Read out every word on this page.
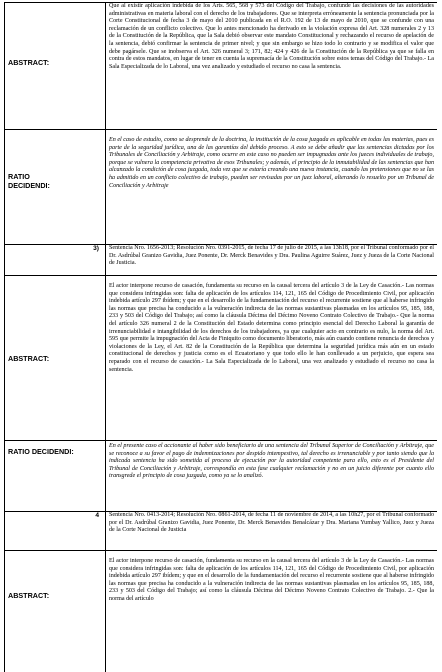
ABSTRACT:	Que al existir aplicación indebida de los Arts. 565, 568 y 573 del Código del Trabajo, confunde las decisiones de las autoridades administrativas en materia laboral con el derecho de los trabajadores. Que se interpreta erróneamente la sentencia pronunciada por la Corte Constitucional de fecha 3 de mayo del 2010 publicada en el R.O. 192 de 13 de mayo de 2010, que se confunde con una reclamación de un conflicto colectivo. Que lo antes mencionado ha derivado en la violación expresa del Art. 328 numerales 2 y 13 de la Constitución de la República, que la Sala debió observar este mandato Constitucional y rechazando el recurso de apelación de la sentencia, debió confirmar la sentencia de primer nivel; y que sin embargo se hizo todo lo contrario y se modifica el valor que debe pagársele. Que se inobserva el Art. 326 numeral 3; 171, 82; 424 y 426 de la Constitución de la República ya que se falla en contra de estos mandatos, en lugar de tener en cuenta la supremacía de la Constitución sobre estos temas del Código del Trabajo.- La Sala Especializada de lo Laboral, una vez analizado y estudiado el recurso no casa la sentencia.

RATIO
DECIDENDI:	En el caso de estudio, como se desprende de la doctrina, la institución de la cosa juzgada es aplicable en todas las materias, pues es parte de la seguridad jurídica, una de las garantías del debido proceso. A esto se debe añadir que las sentencias dictadas por los Tribunales de Conciliación y Arbitraje, como ocurre en este caso no pueden ser impugnadas ante los jueces individuales de trabajo, porque se vulnera la competencia privativa de esos Tribunales; y además, el principio de la inmutabilidad de las sentencias que han alcanzado la condición de cosa juzgada, toda vez que se estaría creando una nueva instancia, cuando las pretensiones que no se las ha admitido en un conflicto colectivo de trabajo, pueden ser revisadas por un juez laboral, alterando lo resuelto por un Tribunal de Conciliación y Arbitraje

3)	Sentencia Nro. 1656-2013; Resolución Nro. 0391-2015, de fecha 17 de julio de 2015, a las 13h18, por el Tribunal conformado por el Dr. Asdrúbal Granizo Gavidia, Juez Ponente, Dr. Merck Benavides y Dra. Paulina Aguirre Suárez, Juez y Jueza de la Corte Nacional de Justicia.

ABSTRACT:	El actor interpone recurso de casación, fundamenta su recurso en la causal tercera del artículo 3 de la Ley de Casación.- Las normas que considera infringidas son: falta de aplicación de los artículos 114, 121, 165 del Código de Procedimiento Civil, por aplicación indebida artículo 297 ibídem; y que en el desarrollo de la fundamentación del recurso el recurrente sostiene que al haberse infringido las normas que precisa ha conducido a la vulneración indirecta de las normas sustantivas plasmadas en los artículos 95, 185, 188, 233 y 503 del Código del Trabajo; así como la cláusula Décima del Décimo Noveno Contrato Colectivo de Trabajo.- Que la norma del artículo 326 numeral 2 de la Constitución del Estado determina como principio esencial del Derecho Laboral la garantía de irrenunciabilidad e intangibilidad de los derechos de los trabajadores, ya que cualquier acto en contrario es nulo, la norma del Art. 595 que permite la impugnación del Acta de Finiquito como documento liberatorio, más aún cuando contiene renuncia de derechos y violaciones de la Ley, el Art. 82 de la Constitución de la República que determina la seguridad jurídica más aún en un estado constitucional de derechos y justicia como es el Ecuatoriano y que todo ello le han conllevado a un perjuicio, que espera sea reparado con el recurso de casación.- La Sala Especializada de lo Laboral, una vez analizado y estudiado el recurso no casa la sentencia.

RATIO DECIDENDI:	En el presente caso el accionante al haber sido beneficiario de una sentencia del Tribunal Superior de Conciliación y Arbitraje, que se reconoce a su favor el pago de indemnizaciones por despido intempestivo, tal derecho es irrenunciable y por tanto siendo que la indicada sentencia ha sido sometida al proceso de ejecución por la autoridad competente para ello, esto es el Presidente del Tribunal de Conciliación y Arbitraje, correspondía en esta fase cualquier reclamación y no en un juicio diferente por cuanto ello transgrede el principio de cosa juzgada, como ya se lo analizó.

4	Sentencia Nro. 0413-2014; Resolución Nro. 0861-2014, de fecha 11 de noviembre de 2014, a las 10h27, por el Tribunal conformado por el Dr. Asdrúbal Granizo Gavidia, Juez Ponente, Dr. Merck Benavides Benalcázar y Dra. Mariana Yumbay Yallico, Juez y Jueza de la Corte Nacional de Justicia

ABSTRACT:	El actor interpone recurso de casación, fundamenta su recurso en la causal tercera del artículo 3 de la Ley de Casación.- Las normas que considera infringidas son: falta de aplicación de los artículos 114, 121, 165 del Código de Procedimiento Civil, por aplicación indebida artículo 297 ibídem; y que en el desarrollo de la fundamentación del recurso el recurrente sostiene que al haberse infringido las normas que precisa ha conducido a la vulneración indirecta de las normas sustantivas plasmadas en los artículos 95, 185, 188, 233 y 503 del Código del Trabajo; así como la cláusula Décima del Décimo Noveno Contrato Colectivo de Trabajo. 2.- Que la norma del artículo
